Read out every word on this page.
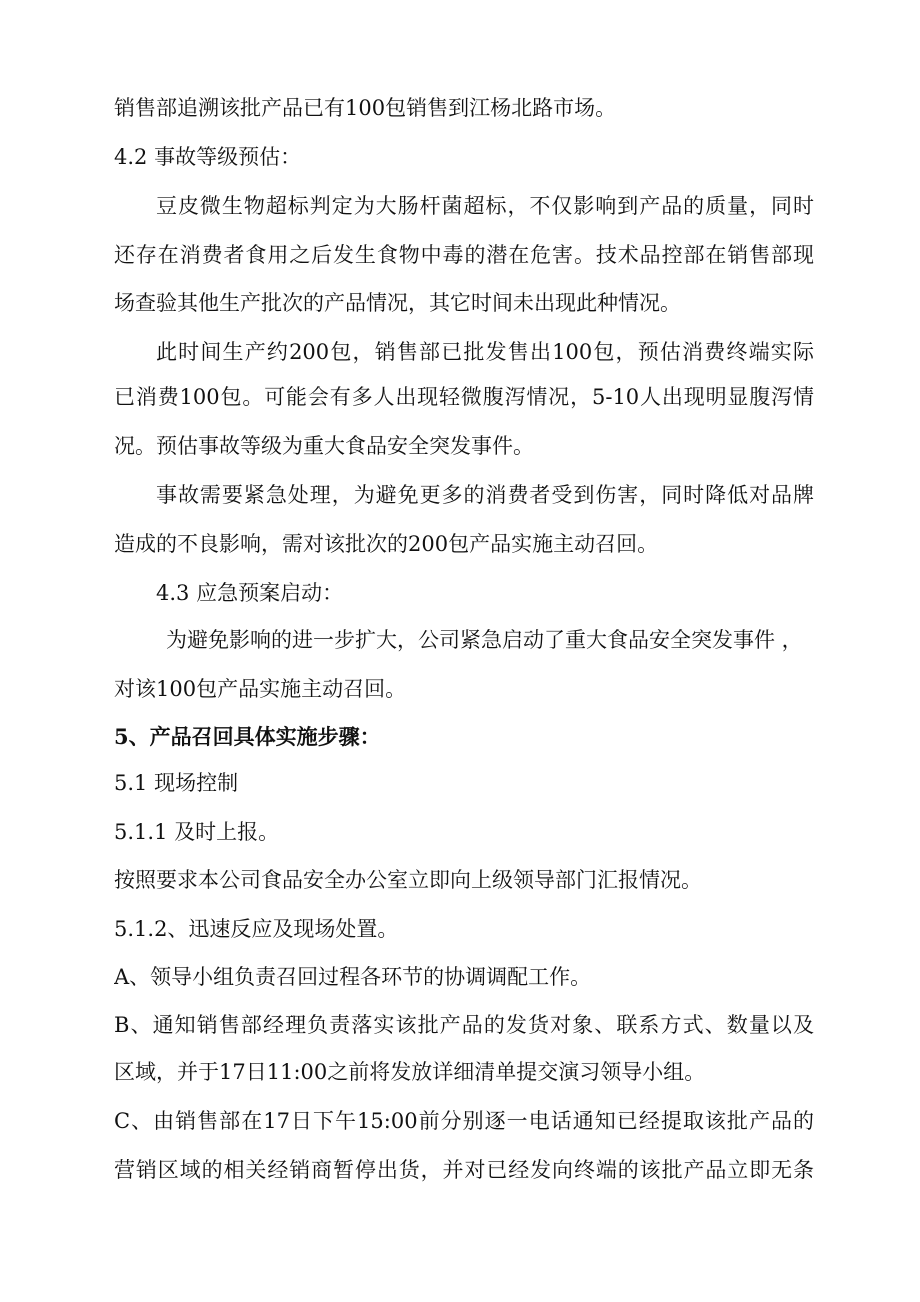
销售部追溯该批产品已有100包销售到江杨北路市场。
4.2 事故等级预估：
豆皮微生物超标判定为大肠杆菌超标，不仅影响到产品的质量，同时
还存在消费者食用之后发生食物中毒的潜在危害。技术品控部在销售部现
场查验其他生产批次的产品情况，其它时间未出现此种情况。
此时间生产约200包，销售部已批发售出100包，预估消费终端实际
已消费100包。可能会有多人出现轻微腹泻情况，5-10人出现明显腹泻情
况。预估事故等级为重大食品安全突发事件。
事故需要紧急处理，为避免更多的消费者受到伤害，同时降低对品牌
造成的不良影响，需对该批次的200包产品实施主动召回。
4.3 应急预案启动：
为避免影响的进一步扩大，公司紧急启动了重大食品安全突发事件 ，
对该100包产品实施主动召回。
5、产品召回具体实施步骤：
5.1 现场控制
5.1.1 及时上报。
按照要求本公司食品安全办公室立即向上级领导部门汇报情况。
5.1.2、迅速反应及现场处置。
A、领导小组负责召回过程各环节的协调调配工作。
B、通知销售部经理负责落实该批产品的发货对象、联系方式、数量以及
区域，并于17日11:00之前将发放详细清单提交演习领导小组。
C、由销售部在17日下午15:00前分别逐一电话通知已经提取该批产品的
营销区域的相关经销商暂停出货，并对已经发向终端的该批产品立即无条
